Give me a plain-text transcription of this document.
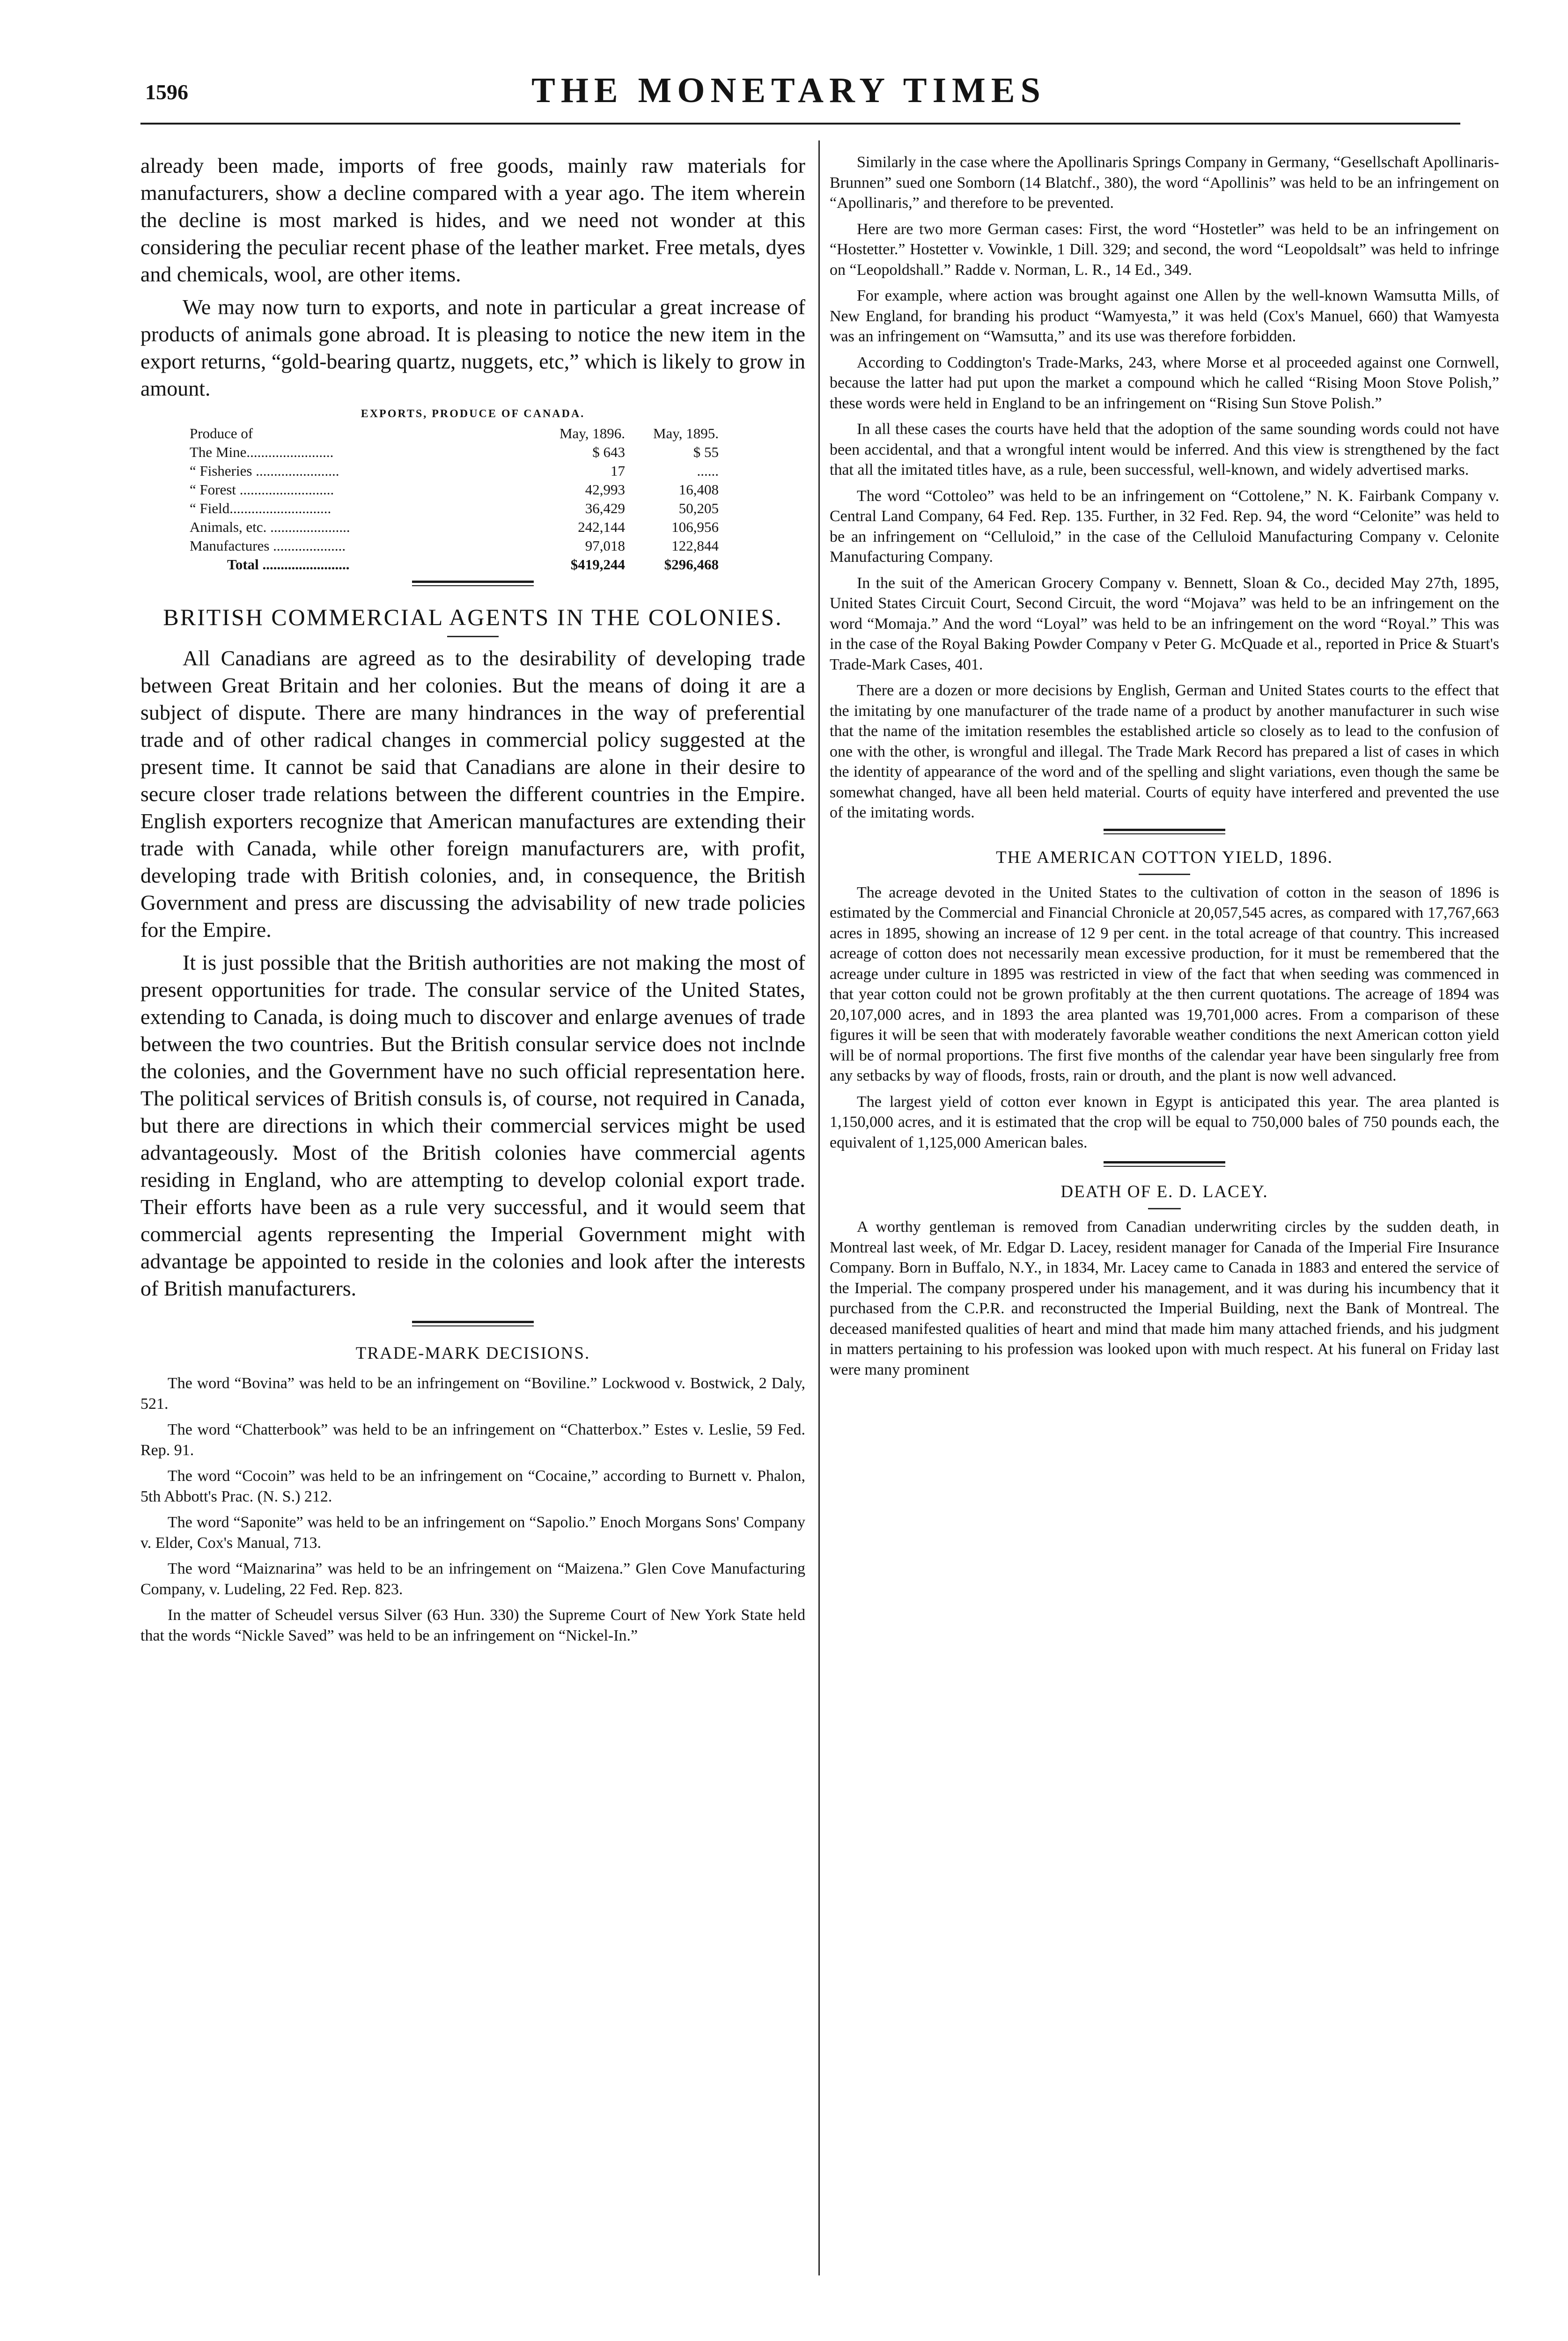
1596	THE MONETARY TIMES

already been made, imports of free goods, mainly raw materials for manufacturers, show a decline compared with a year ago. The item wherein the decline is most marked is hides, and we need not wonder at this considering the peculiar recent phase of the leather market. Free metals, dyes and chemicals, wool, are other items.

We may now turn to exports, and note in particular a great increase of products of animals gone abroad. It is pleasing to notice the new item in the export returns, “gold-bearing quartz, nuggets, etc,” which is likely to grow in amount.

EXPORTS, PRODUCE OF CANADA.
Produce of	May, 1896.	May, 1895.
The Mine........................	$ 643	$ 55
“ Fisheries .......................	17	......
“ Forest ..........................	42,993	16,408
“ Field............................	36,429	50,205
Animals, etc. ......................	242,144	106,956
Manufactures ....................	97,018	122,844
Total ........................	$419,244	$296,468
BRITISH COMMERCIAL AGENTS IN THE COLONIES.

All Canadians are agreed as to the desirability of developing trade between Great Britain and her colonies. But the means of doing it are a subject of dispute. There are many hindrances in the way of preferential trade and of other radical changes in commercial policy suggested at the present time. It cannot be said that Canadians are alone in their desire to secure closer trade relations between the different countries in the Empire. English exporters recognize that American manufactures are extending their trade with Canada, while other foreign manufacturers are, with profit, developing trade with British colonies, and, in consequence, the British Government and press are discussing the advisability of new trade policies for the Empire.

It is just possible that the British authorities are not making the most of present opportunities for trade. The consular service of the United States, extending to Canada, is doing much to discover and enlarge avenues of trade between the two countries. But the British consular service does not inclnde the colonies, and the Government have no such official representation here. The political services of British consuls is, of course, not required in Canada, but there are directions in which their commercial services might be used advantageously. Most of the British colonies have commercial agents residing in England, who are attempting to develop colonial export trade. Their efforts have been as a rule very successful, and it would seem that commercial agents representing the Imperial Government might with advantage be appointed to reside in the colonies and look after the interests of British manufacturers.

TRADE-MARK DECISIONS.

The word “Bovina” was held to be an infringement on “Boviline.” Lockwood v. Bostwick, 2 Daly, 521.

The word “Chatterbook” was held to be an infringement on “Chatterbox.” Estes v. Leslie, 59 Fed. Rep. 91.

The word “Cocoin” was held to be an infringement on “Cocaine,” according to Burnett v. Phalon, 5th Abbott's Prac. (N. S.) 212.

The word “Saponite” was held to be an infringement on “Sapolio.” Enoch Morgans Sons' Company v. Elder, Cox's Manual, 713.

The word “Maiznarina” was held to be an infringement on “Maizena.” Glen Cove Manufacturing Company, v. Ludeling, 22 Fed. Rep. 823.

In the matter of Scheudel versus Silver (63 Hun. 330) the Supreme Court of New York State held that the words “Nickle Saved” was held to be an infringement on “Nickel-In.”

Similarly in the case where the Apollinaris Springs Company in Germany, “Gesellschaft Apollinaris-Brunnen” sued one Somborn (14 Blatchf., 380), the word “Apollinis” was held to be an infringement on “Apollinaris,” and therefore to be prevented.

Here are two more German cases: First, the word “Hostetler” was held to be an infringement on “Hostetter.” Hostetter v. Vowinkle, 1 Dill. 329; and second, the word “Leopoldsalt” was held to infringe on “Leopoldshall.” Radde v. Norman, L. R., 14 Ed., 349.

For example, where action was brought against one Allen by the well-known Wamsutta Mills, of New England, for branding his product “Wamyesta,” it was held (Cox's Manuel, 660) that Wamyesta was an infringement on “Wamsutta,” and its use was therefore forbidden.

According to Coddington's Trade-Marks, 243, where Morse et al proceeded against one Cornwell, because the latter had put upon the market a compound which he called “Rising Moon Stove Polish,” these words were held in England to be an infringement on “Rising Sun Stove Polish.”

In all these cases the courts have held that the adoption of the same sounding words could not have been accidental, and that a wrongful intent would be inferred. And this view is strengthened by the fact that all the imitated titles have, as a rule, been successful, well-known, and widely advertised marks.

The word “Cottoleo” was held to be an infringement on “Cottolene,” N. K. Fairbank Company v. Central Land Company, 64 Fed. Rep. 135. Further, in 32 Fed. Rep. 94, the word “Celonite” was held to be an infringement on “Celluloid,” in the case of the Celluloid Manufacturing Company v. Celonite Manufacturing Company.

In the suit of the American Grocery Company v. Bennett, Sloan & Co., decided May 27th, 1895, United States Circuit Court, Second Circuit, the word “Mojava” was held to be an infringement on the word “Momaja.” And the word “Loyal” was held to be an infringement on the word “Royal.” This was in the case of the Royal Baking Powder Company v Peter G. McQuade et al., reported in Price & Stuart's Trade-Mark Cases, 401.

There are a dozen or more decisions by English, German and United States courts to the effect that the imitating by one manufacturer of the trade name of a product by another manufacturer in such wise that the name of the imitation resembles the established article so closely as to lead to the confusion of one with the other, is wrongful and illegal. The Trade Mark Record has prepared a list of cases in which the identity of appearance of the word and of the spelling and slight variations, even though the same be somewhat changed, have all been held material. Courts of equity have interfered and prevented the use of the imitating words.

THE AMERICAN COTTON YIELD, 1896.

The acreage devoted in the United States to the cultivation of cotton in the season of 1896 is estimated by the Commercial and Financial Chronicle at 20,057,545 acres, as compared with 17,767,663 acres in 1895, showing an increase of 12 9 per cent. in the total acreage of that country. This increased acreage of cotton does not necessarily mean excessive production, for it must be remembered that the acreage under culture in 1895 was restricted in view of the fact that when seeding was commenced in that year cotton could not be grown profitably at the then current quotations. The acreage of 1894 was 20,107,000 acres, and in 1893 the area planted was 19,701,000 acres. From a comparison of these figures it will be seen that with moderately favorable weather conditions the next American cotton yield will be of normal proportions. The first five months of the calendar year have been singularly free from any setbacks by way of floods, frosts, rain or drouth, and the plant is now well advanced.

The largest yield of cotton ever known in Egypt is anticipated this year. The area planted is 1,150,000 acres, and it is estimated that the crop will be equal to 750,000 bales of 750 pounds each, the equivalent of 1,125,000 American bales.

DEATH OF E. D. LACEY.

A worthy gentleman is removed from Canadian underwriting circles by the sudden death, in Montreal last week, of Mr. Edgar D. Lacey, resident manager for Canada of the Imperial Fire Insurance Company. Born in Buffalo, N.Y., in 1834, Mr. Lacey came to Canada in 1883 and entered the service of the Imperial. The company prospered under his management, and it was during his incumbency that it purchased from the C.P.R. and reconstructed the Imperial Building, next the Bank of Montreal. The deceased manifested qualities of heart and mind that made him many attached friends, and his judgment in matters pertaining to his profession was looked upon with much respect. At his funeral on Friday last were many prominent
